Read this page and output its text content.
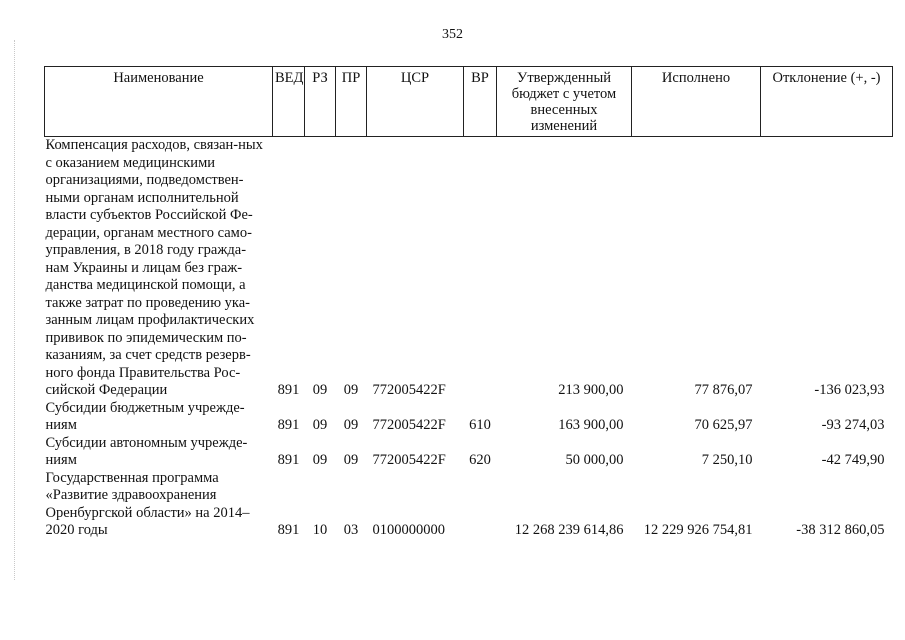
352
Наименование	ВЕД	РЗ	ПР	ЦСР	ВР	Утвержденный бюджет с учетом внесенных изменений	Исполнено	Отклонение (+, -)
Компенсация расходов, связан-ных с оказанием медицинскими организациями, подведомствен-ными органам исполнительной власти субъектов Российской Фе-дерации, органам местного само-управления, в 2018 году гражда-нам Украины и лицам без граж-данства медицинской помощи, а также затрат по проведению ука-занным лицам профилактических прививок по эпидемическим по-казаниям, за счет средств резерв-ного фонда Правительства Рос-сийской Федерации	891	09	09	772005422F		213 900,00	77 876,07	-136 023,93
Субсидии бюджетным учрежде-ниям	891	09	09	772005422F	610	163 900,00	70 625,97	-93 274,03
Субсидии автономным учрежде-ниям	891	09	09	772005422F	620	50 000,00	7 250,10	-42 749,90
Государственная программа «Развитие здравоохранения Оренбургской области» на 2014–2020 годы	891	10	03	0100000000		12 268 239 614,86	12 229 926 754,81	-38 312 860,05
